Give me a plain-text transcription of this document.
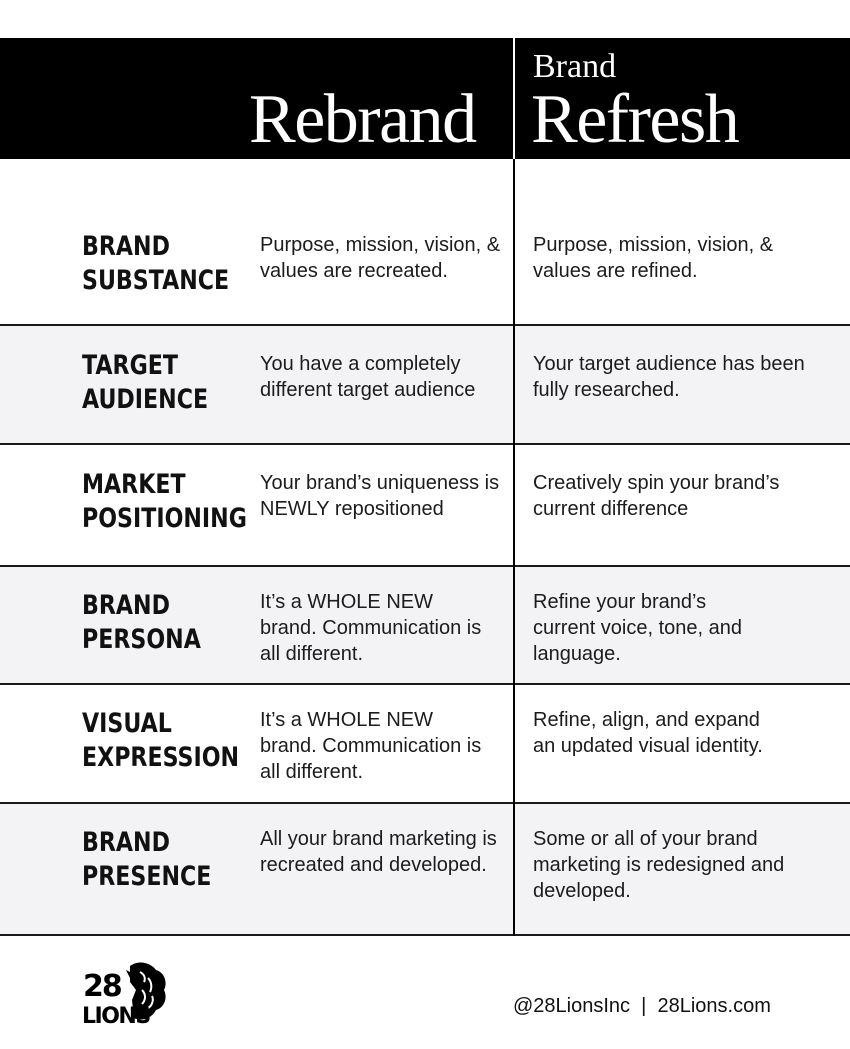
Rebrand
Brand
Refresh
BRAND
SUBSTANCE
Purpose, mission, vision, & values are recreated.
Purpose, mission, vision, & values are refined.
TARGET
AUDIENCE
You have a completely different target audience
Your target audience has been fully researched.
MARKET
POSITIONING
Your brand’s uniqueness is NEWLY repositioned
Creatively spin your brand’s current difference
BRAND
PERSONA
It’s a WHOLE NEW brand. Communication is all different.
Refine your brand’s current voice, tone, and language.
VISUAL
EXPRESSION
It’s a WHOLE NEW brand. Communication is all different.
Refine, align, and expand an updated visual identity.
BRAND
PRESENCE
All your brand marketing is recreated and developed.
Some or all of your brand marketing is redesigned and developed.
28
LIONS	@28LionsInc  |  28Lions.com
